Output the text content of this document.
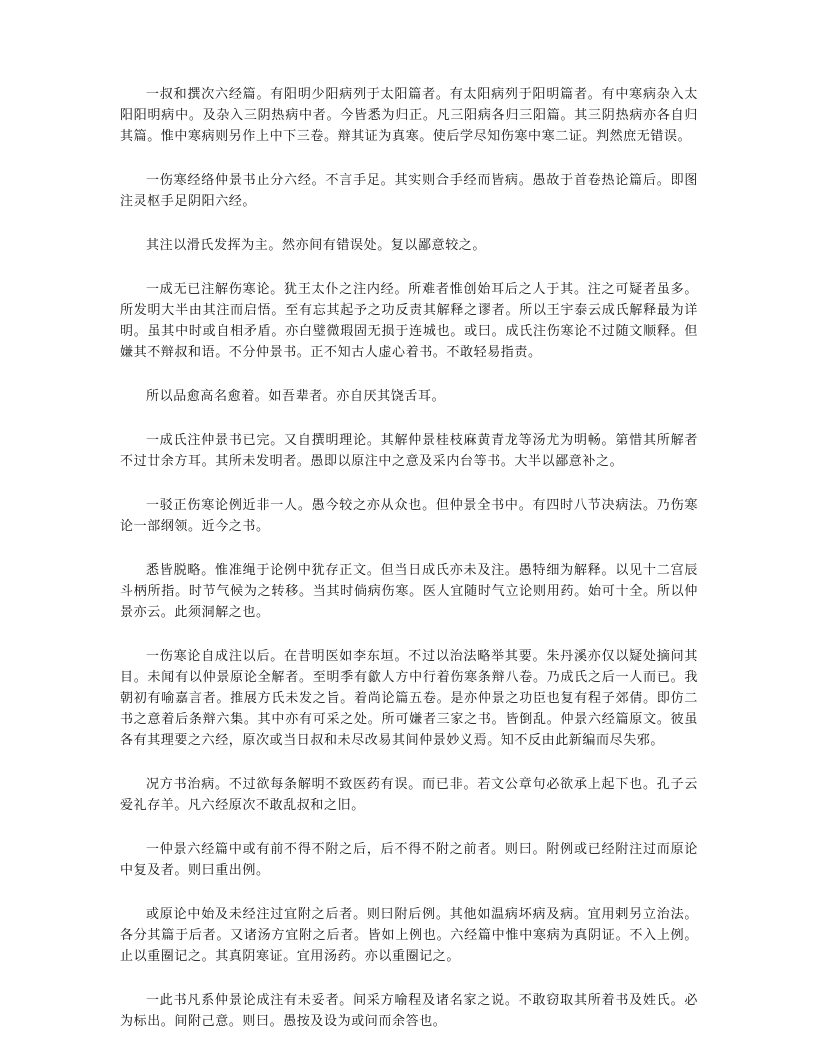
一叔和撰次六经篇。有阳明少阳病列于太阳篇者。有太阳病列于阳明篇者。有中寒病杂入太阳阳明病中。及杂入三阴热病中者。今皆悉为归正。凡三阳病各归三阳篇。其三阴热病亦各自归其篇。惟中寒病则另作上中下三卷。辩其证为真寒。使后学尽知伤寒中寒二证。判然庶无错误。

一伤寒经络仲景书止分六经。不言手足。其实则合手经而皆病。愚故于首卷热论篇后。即图注灵枢手足阴阳六经。

其注以滑氏发挥为主。然亦间有错误处。复以鄙意较之。

一成无已注解伤寒论。犹王太仆之注内经。所难者惟创始耳后之人于其。注之可疑者虽多。所发明大半由其注而启悟。至有忘其起予之功反责其解释之谬者。所以王宇泰云成氏解释最为详明。虽其中时或自相矛盾。亦白璧微瑕固无损于连城也。或曰。成氏注伤寒论不过随文顺释。但嫌其不辩叔和语。不分仲景书。正不知古人虚心着书。不敢轻易指责。

所以品愈高名愈着。如吾辈者。亦自厌其饶舌耳。

一成氏注仲景书已完。又自撰明理论。其解仲景桂枝麻黄青龙等汤尤为明畅。第惜其所解者不过廿余方耳。其所未发明者。愚即以原注中之意及采内台等书。大半以鄙意补之。

一驳正伤寒论例近非一人。愚今较之亦从众也。但仲景全书中。有四时八节决病法。乃伤寒论一部纲领。近今之书。

悉皆脱略。惟准绳于论例中犹存正文。但当日成氏亦未及注。愚特细为解释。以见十二宫辰斗柄所指。时节气候为之转移。当其时倘病伤寒。医人宜随时气立论则用药。始可十全。所以仲景亦云。此须洞解之也。

一伤寒论自成注以后。在昔明医如李东垣。不过以治法略举其要。朱丹溪亦仅以疑处摘问其目。未闻有以仲景原论全解者。至明季有歙人方中行着伤寒条辩八卷。乃成氏之后一人而已。我朝初有喻嘉言者。推展方氏未发之旨。着尚论篇五卷。是亦仲景之功臣也复有程子郊倩。即仿二书之意着后条辩六集。其中亦有可采之处。所可嫌者三家之书。皆倒乱。仲景六经篇原文。彼虽各有其理要之六经，原次或当日叔和未尽改易其间仲景妙义焉。知不反由此新编而尽失邪。

况方书治病。不过欲每条解明不致医药有误。而已非。若文公章句必欲承上起下也。孔子云爱礼存羊。凡六经原次不敢乱叔和之旧。

一仲景六经篇中或有前不得不附之后，后不得不附之前者。则曰。附例或已经附注过而原论中复及者。则曰重出例。

或原论中始及未经注过宜附之后者。则曰附后例。其他如温病坏病及病。宜用剌另立治法。各分其篇于后者。又诸汤方宜附之后者。皆如上例也。六经篇中惟中寒病为真阴证。不入上例。止以重圈记之。其真阴寒证。宜用汤药。亦以重圈记之。

一此书凡系仲景论成注有未妥者。间采方喻程及诸名家之说。不敢窃取其所着书及姓氏。必为标出。间附己意。则曰。愚按及设为或问而余答也。
